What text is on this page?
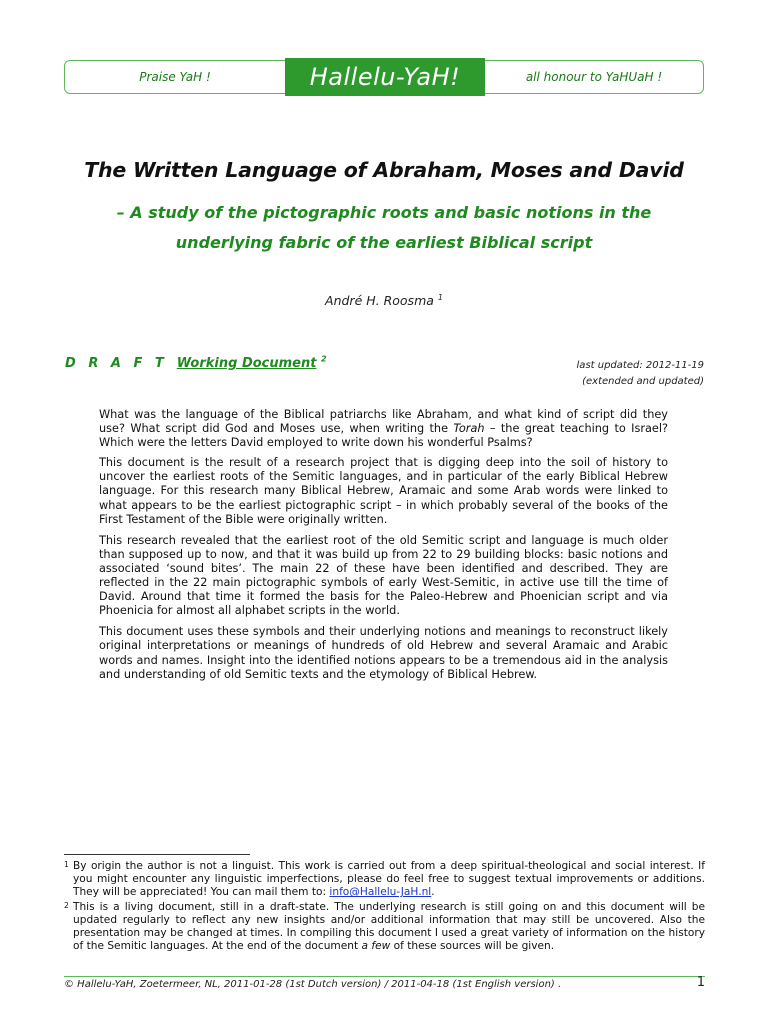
Praise YaH !	Hallelu-YaH!	all honour to YaHUaH !
The Written Language of Abraham, Moses and David
– A study of the pictographic roots and basic notions in the
underlying fabric of the earliest Biblical script
André H. Roosma $^1$
D R A F T Working Document $^2$
last updated: 2012-11-19
(extended and updated)

What was the language of the Biblical patriarchs like Abraham, and what kind of script did they use? What script did God and Moses use, when writing the Torah – the great teaching to Israel? Which were the letters David employed to write down his wonderful Psalms?

This document is the result of a research project that is digging deep into the soil of history to uncover the earliest roots of the Semitic languages, and in particular of the early Biblical Hebrew language. For this research many Biblical Hebrew, Aramaic and some Arab words were linked to what appears to be the earliest pictographic script – in which probably several of the books of the First Testament of the Bible were originally written.

This research revealed that the earliest root of the old Semitic script and language is much older than supposed up to now, and that it was build up from 22 to 29 building blocks: basic notions and associated ‘sound bites’. The main 22 of these have been identified and described. They are reflected in the 22 main pictographic symbols of early West-Semitic, in active use till the time of David. Around that time it formed the basis for the Paleo-Hebrew and Phoenician script and via Phoenicia for almost all alphabet scripts in the world.

This document uses these symbols and their underlying notions and meanings to reconstruct likely original interpretations or meanings of hundreds of old Hebrew and several Aramaic and Arabic words and names. Insight into the identified notions appears to be a tremendous aid in the analysis and understanding of old Semitic texts and the etymology of Biblical Hebrew.

1 By origin the author is not a linguist. This work is carried out from a deep spiritual-theological and social interest. If you might encounter any linguistic imperfections, please do feel free to suggest textual improvements or additions. They will be appreciated! You can mail them to: info@Hallelu-JaH.nl.
2 This is a living document, still in a draft-state. The underlying research is still going on and this document will be updated regularly to reflect any new insights and/or additional information that may still be uncovered. Also the presentation may be changed at times. In compiling this document I used a great variety of information on the history of the Semitic languages. At the end of the document a few of these sources will be given.
© Hallelu-YaH, Zoetermeer, NL, 2011-01-28 (1st Dutch version) / 2011-04-18 (1st English version) .	1
